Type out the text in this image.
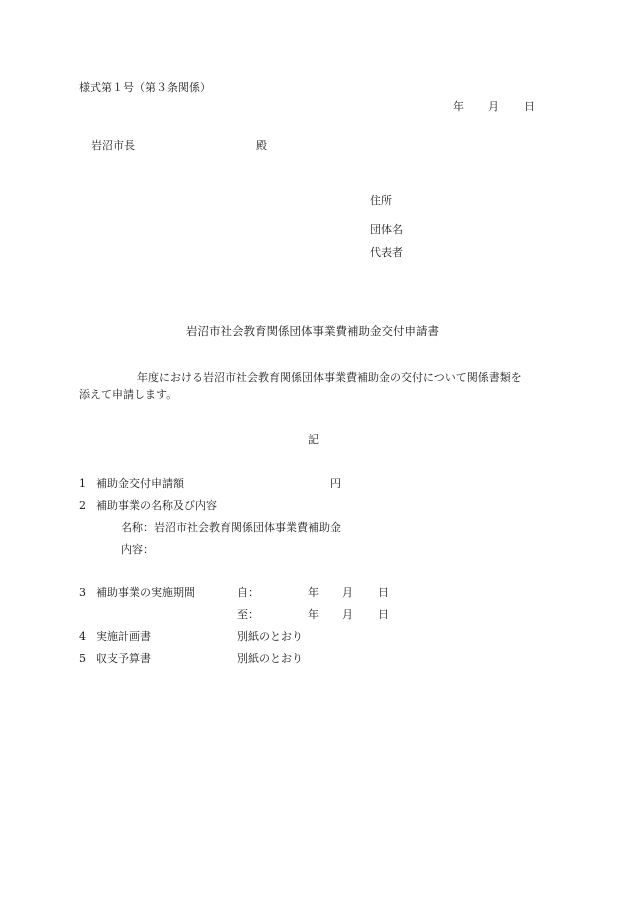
様式第１号（第３条関係）
年 月 日
岩沼市長	殿
住所
団体名
代表者
岩沼市社会教育関係団体事業費補助金交付申請書
年度における岩沼市社会教育関係団体事業費補助金の交付について関係書類を
添えて申請します。
記
1 補助金交付申請額	円
2 補助事業の名称及び内容
名称：岩沼市社会教育関係団体事業費補助金
内容：
3 補助事業の実施期間	自：	年 月 日
至：	年 月 日
4 実施計画書	別紙のとおり
5 収支予算書	別紙のとおり
